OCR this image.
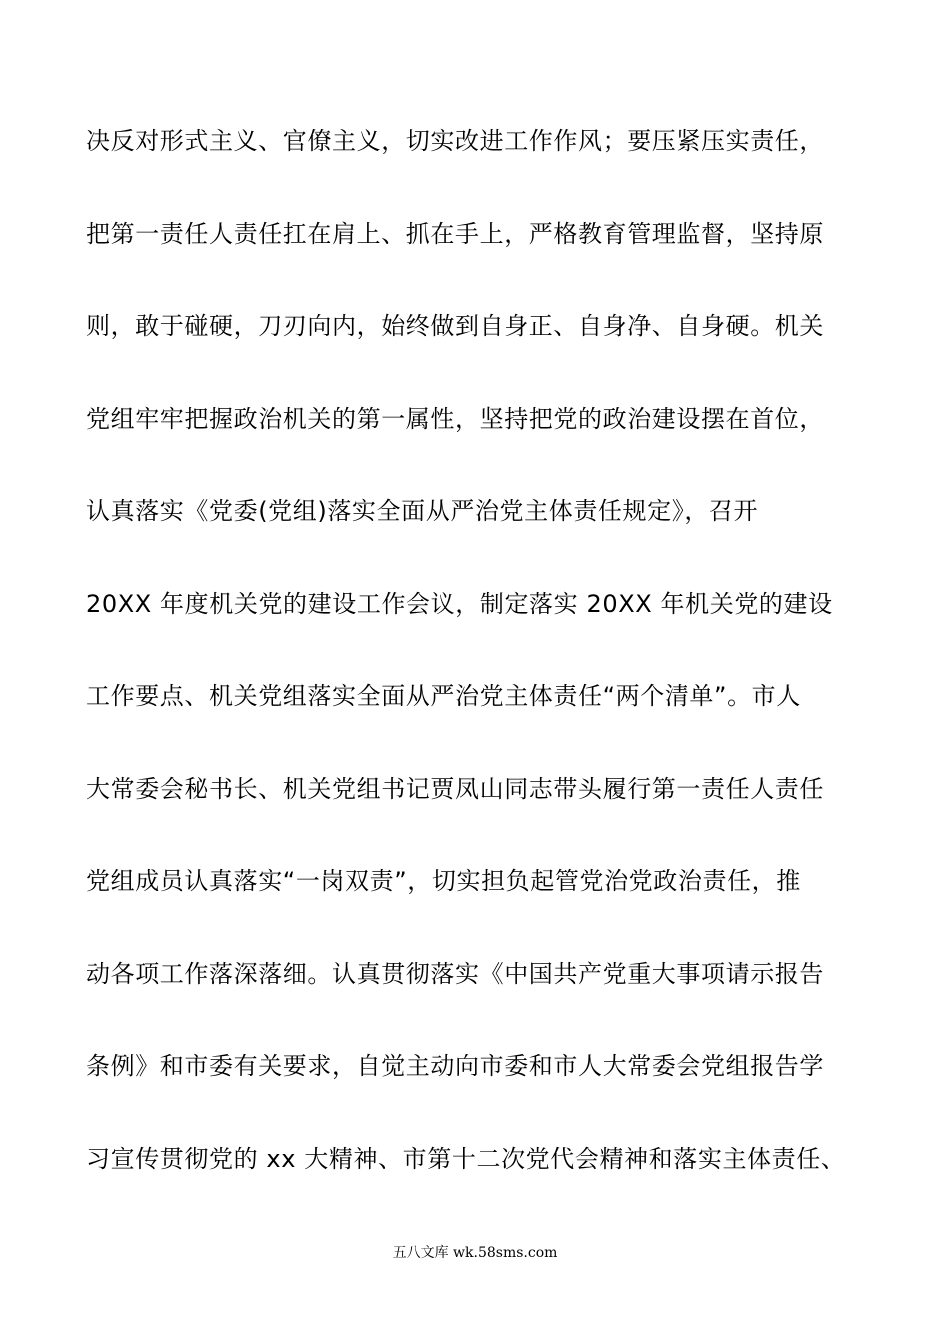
决反对形式主义、官僚主义，切实改进工作作风；要压紧压实责任，
把第一责任人责任扛在肩上、抓在手上，严格教育管理监督，坚持原
则，敢于碰硬，刀刃向内，始终做到自身正、自身净、自身硬。机关
党组牢牢把握政治机关的第一属性，坚持把党的政治建设摆在首位，
认真落实《党委(党组)落实全面从严治党主体责任规定》，召开
20XX 年度机关党的建设工作会议，制定落实 20XX 年机关党的建设
工作要点、机关党组落实全面从严治党主体责任“两个清单”。市人
大常委会秘书长、机关党组书记贾凤山同志带头履行第一责任人责任
党组成员认真落实“一岗双责”，切实担负起管党治党政治责任，推
动各项工作落深落细。认真贯彻落实《中国共产党重大事项请示报告
条例》和市委有关要求，自觉主动向市委和市人大常委会党组报告学
习宣传贯彻党的 xx 大精神、市第十二次党代会精神和落实主体责任、
五八文库 wk.58sms.com
